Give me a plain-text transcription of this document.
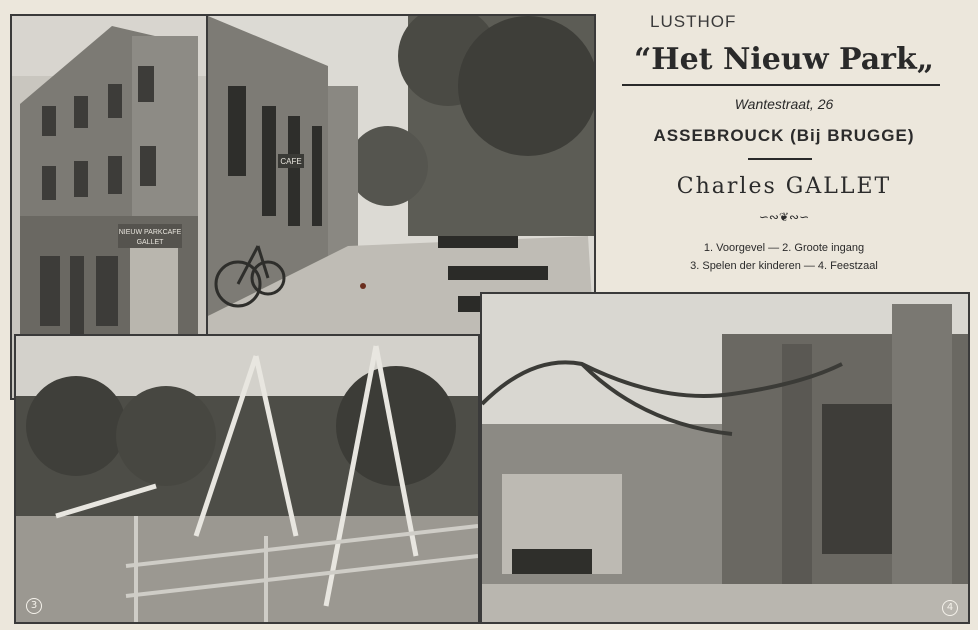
NIEUW PARKCAFE
GALLET
CAFE
3	4
LUSTHOF
“Het Nieuw Park„
Wantestraat, 26
ASSEBROUCK (Bij BRUGGE)
Charles GALLET
∽∾❦∾∽
1. Voorgevel — 2. Groote ingang
3. Spelen der kinderen — 4. Feestzaal
